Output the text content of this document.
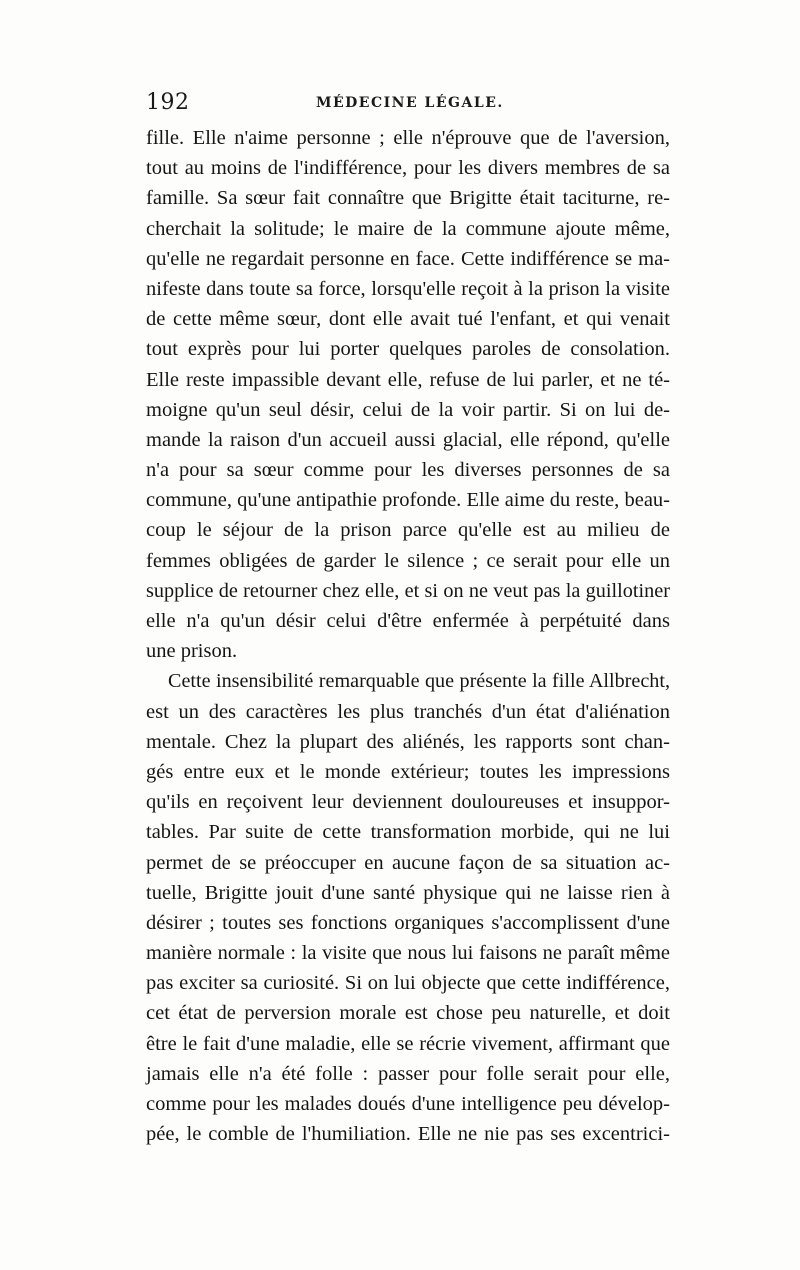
192	MÉDECINE LÉGALE.
fille. Elle n'aime personne ; elle n'éprouve que de l'aversion,
tout au moins de l'indifférence, pour les divers membres de sa
famille. Sa sœur fait connaître que Brigitte était taciturne, re-
cherchait la solitude; le maire de la commune ajoute même,
qu'elle ne regardait personne en face. Cette indifférence se ma-
nifeste dans toute sa force, lorsqu'elle reçoit à la prison la visite
de cette même sœur, dont elle avait tué l'enfant, et qui venait
tout exprès pour lui porter quelques paroles de consolation.
Elle reste impassible devant elle, refuse de lui parler, et ne té-
moigne qu'un seul désir, celui de la voir partir. Si on lui de-
mande la raison d'un accueil aussi glacial, elle répond, qu'elle
n'a pour sa sœur comme pour les diverses personnes de sa
commune, qu'une antipathie profonde. Elle aime du reste, beau-
coup le séjour de la prison parce qu'elle est au milieu de
femmes obligées de garder le silence ; ce serait pour elle un
supplice de retourner chez elle, et si on ne veut pas la guillotiner
elle n'a qu'un désir celui d'être enfermée à perpétuité dans
une prison.
Cette insensibilité remarquable que présente la fille Allbrecht,
est un des caractères les plus tranchés d'un état d'aliénation
mentale. Chez la plupart des aliénés, les rapports sont chan-
gés entre eux et le monde extérieur; toutes les impressions
qu'ils en reçoivent leur deviennent douloureuses et insuppor-
tables. Par suite de cette transformation morbide, qui ne lui
permet de se préoccuper en aucune façon de sa situation ac-
tuelle, Brigitte jouit d'une santé physique qui ne laisse rien à
désirer ; toutes ses fonctions organiques s'accomplissent d'une
manière normale : la visite que nous lui faisons ne paraît même
pas exciter sa curiosité. Si on lui objecte que cette indifférence,
cet état de perversion morale est chose peu naturelle, et doit
être le fait d'une maladie, elle se récrie vivement, affirmant que
jamais elle n'a été folle : passer pour folle serait pour elle,
comme pour les malades doués d'une intelligence peu dévelop-
pée, le comble de l'humiliation. Elle ne nie pas ses excentrici-
